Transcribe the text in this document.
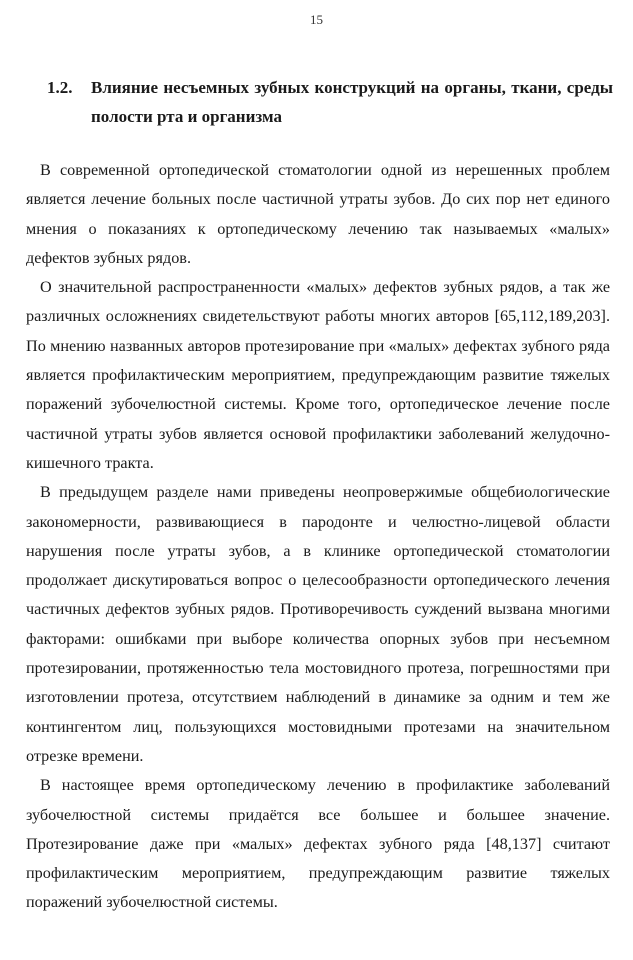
15
1.2. Влияние несъемных зубных конструкций на органы, ткани, среды полости рта и организма

В современной ортопедической стоматологии одной из нерешенных проблем является лечение больных после частичной утраты зубов. До сих пор нет единого мнения о показаниях к ортопедическому лечению так называемых «малых» дефектов зубных рядов.

О значительной распространенности «малых» дефектов зубных рядов, а так же различных осложнениях свидетельствуют работы многих авторов [65,112,189,203]. По мнению названных авторов протезирование при «малых» дефектах зубного ряда является профилактическим мероприятием, предупреждающим развитие тяжелых поражений зубочелюстной системы. Кроме того, ортопедическое лечение после частичной утраты зубов является основой профилактики заболеваний желудочно-кишечного тракта.

В предыдущем разделе нами приведены неопровержимые общебиологические закономерности, развивающиеся в пародонте и челюстно-лицевой области нарушения после утраты зубов, а в клинике ортопедической стоматологии продолжает дискутироваться вопрос о целесообразности ортопедического лечения частичных дефектов зубных рядов. Противоречивость суждений вызвана многими факторами: ошибками при выборе количества опорных зубов при несъемном протезировании, протяженностью тела мостовидного протеза, погрешностями при изготовлении протеза, отсутствием наблюдений в динамике за одним и тем же контингентом лиц, пользующихся мостовидными протезами на значительном отрезке времени.

В настоящее время ортопедическому лечению в профилактике заболеваний зубочелюстной системы придаётся все большее и большее значение. Протезирование даже при «малых» дефектах зубного ряда [48,137] считают профилактическим мероприятием, предупреждающим развитие тяжелых поражений зубочелюстной системы.
